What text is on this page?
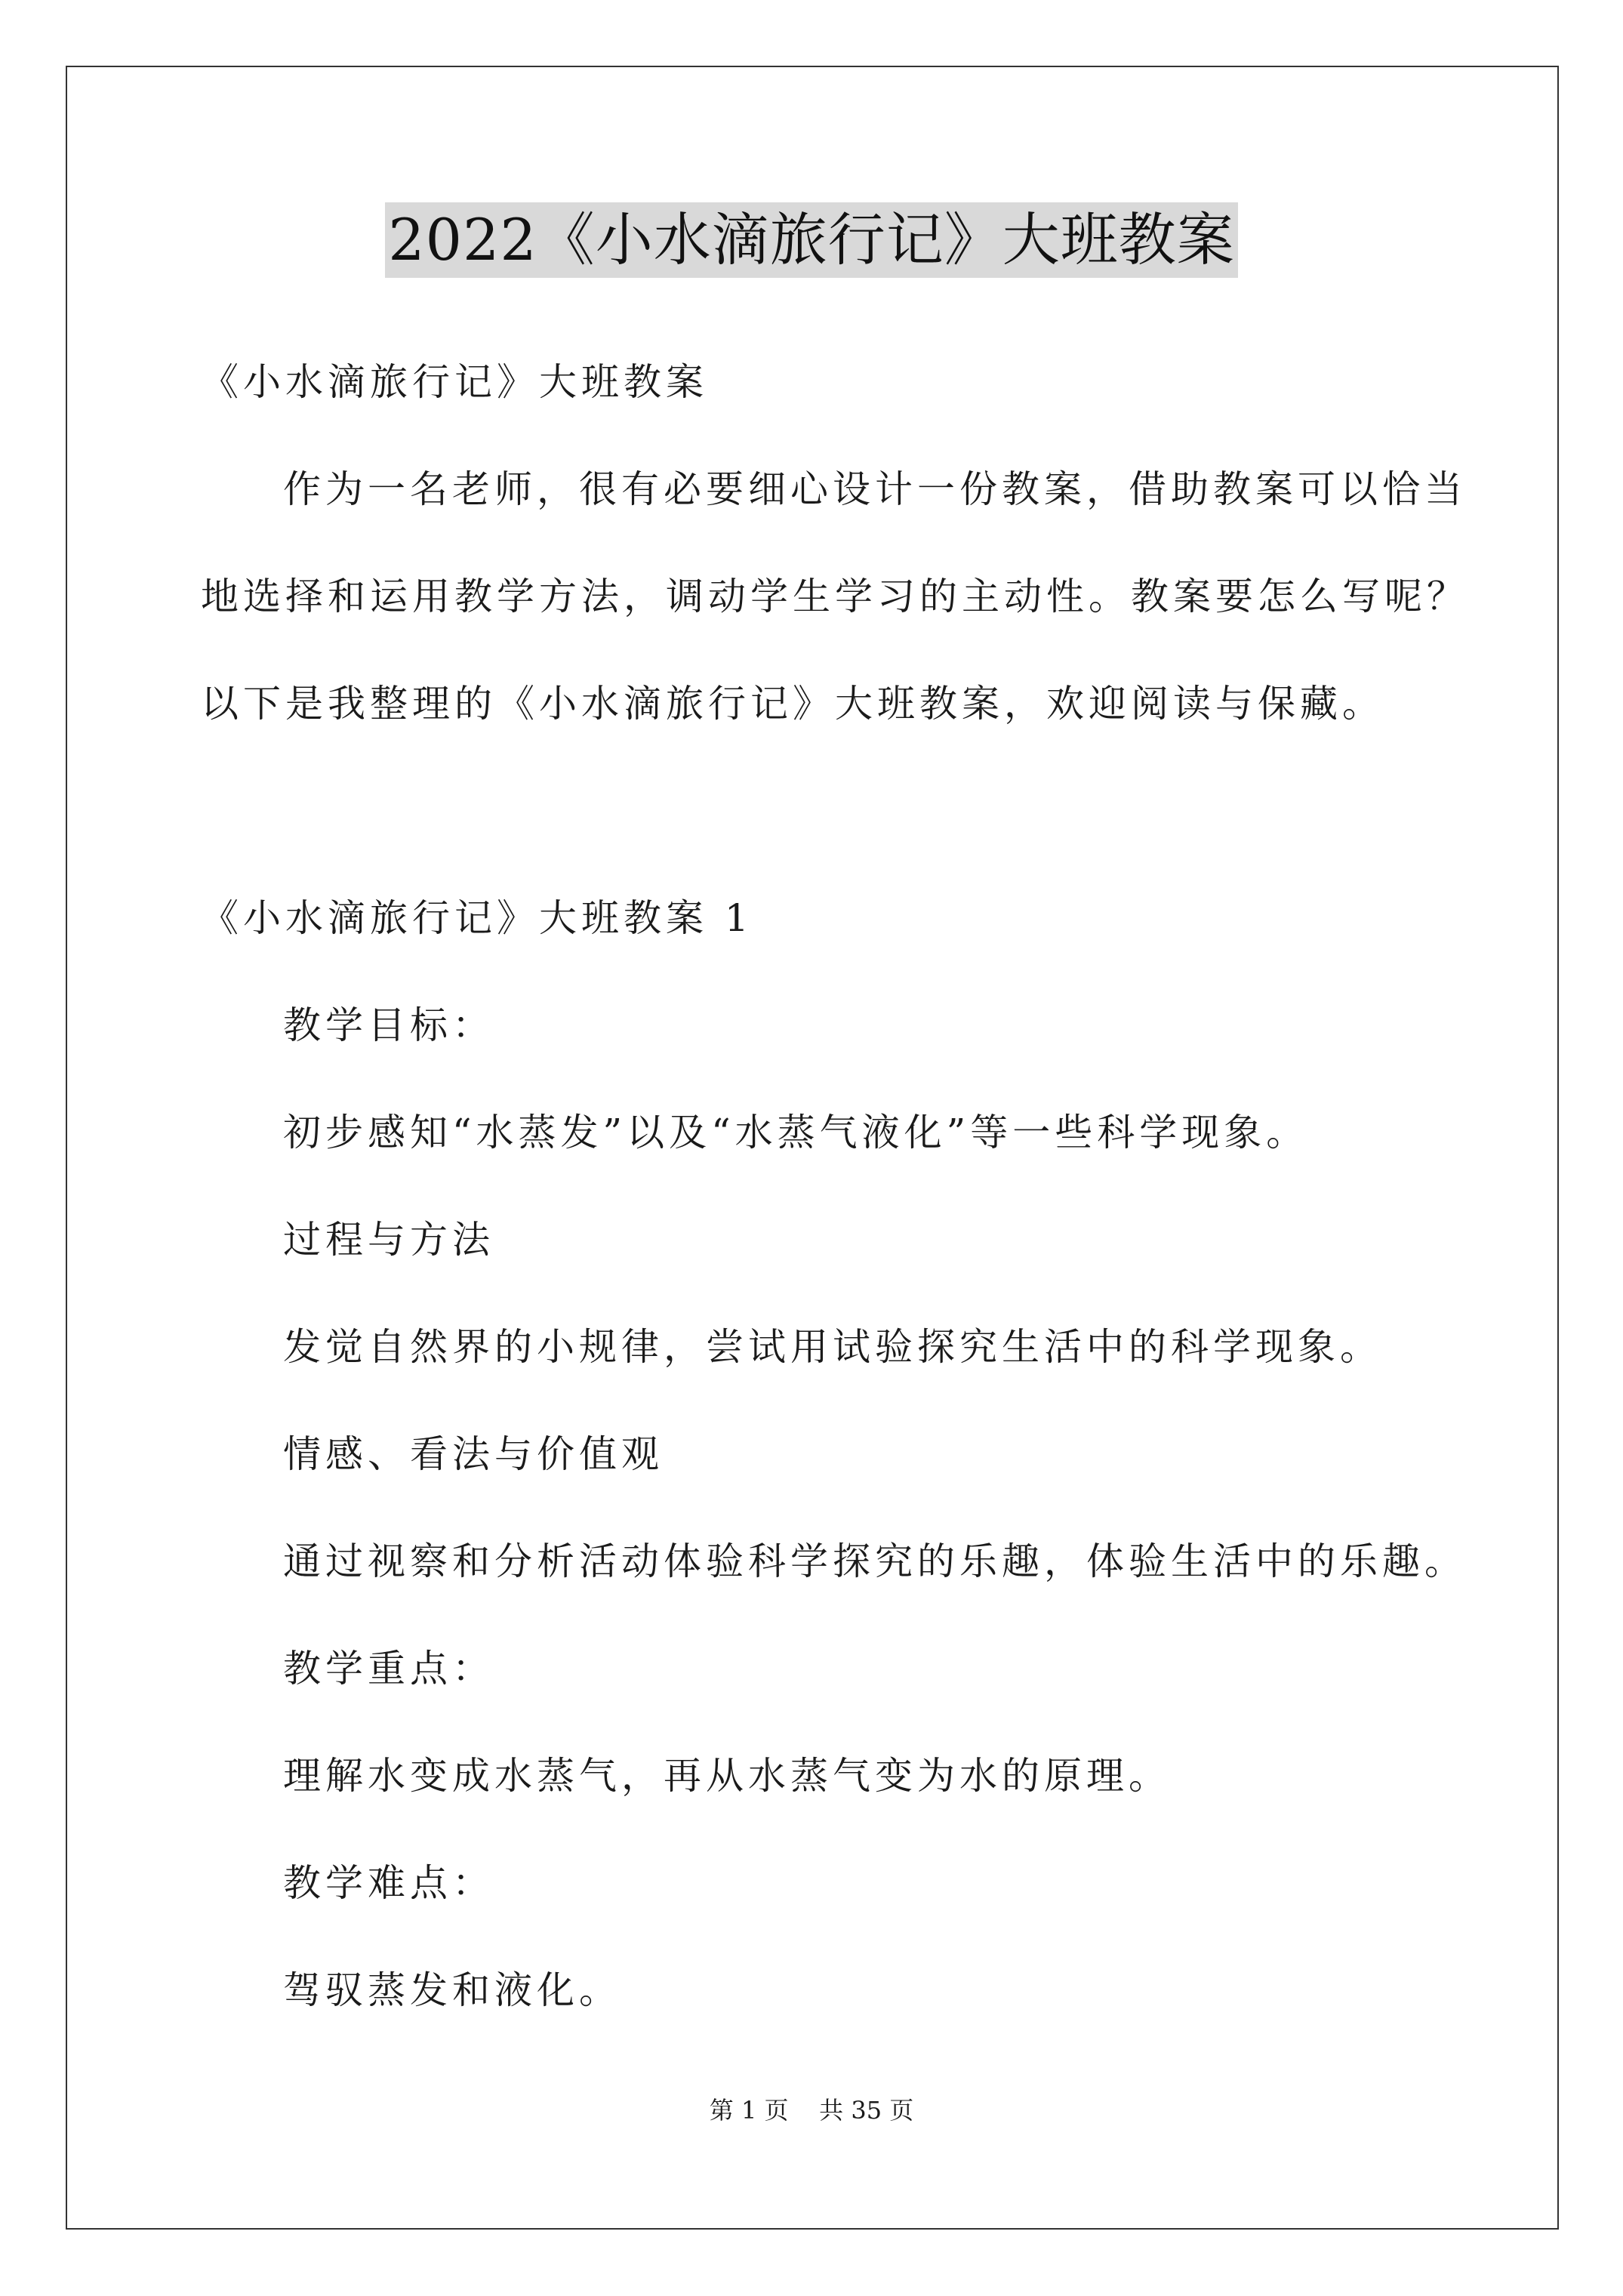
2022《小水滴旅行记》大班教案
《小水滴旅行记》大班教案
作为一名老师，很有必要细心设计一份教案，借助教案可以恰当
地选择和运用教学方法，调动学生学习的主动性。教案要怎么写呢？
以下是我整理的《小水滴旅行记》大班教案，欢迎阅读与保藏。
《小水滴旅行记》大班教案 1
教学目标：
初步感知“水蒸发”以及“水蒸气液化”等一些科学现象。
过程与方法
发觉自然界的小规律，尝试用试验探究生活中的科学现象。
情感、看法与价值观
通过视察和分析活动体验科学探究的乐趣，体验生活中的乐趣。
教学重点：
理解水变成水蒸气，再从水蒸气变为水的原理。
教学难点：
驾驭蒸发和液化。
第 1 页    共 35 页
